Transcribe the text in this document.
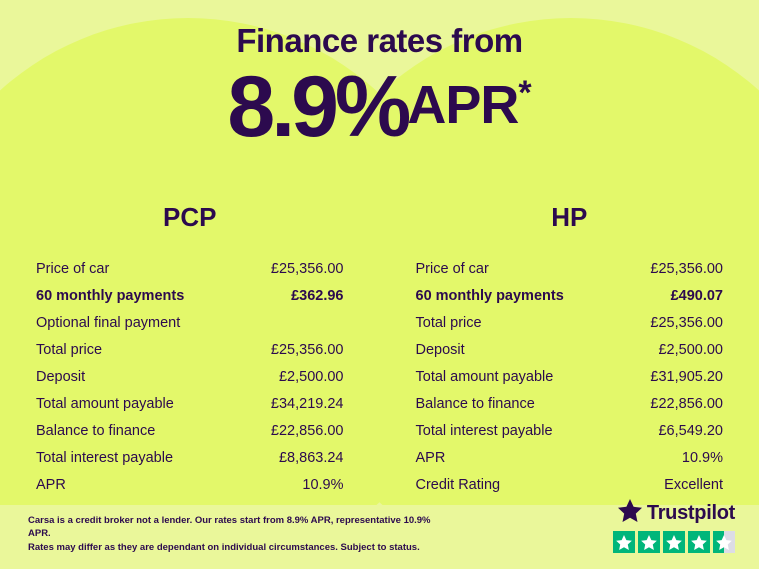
Finance rates from
8.9%APR*
PCP
Price of car	£25,356.00
60 monthly payments	£362.96
Optional final payment
Total price	£25,356.00
Deposit	£2,500.00
Total amount payable	£34,219.24
Balance to finance	£22,856.00
Total interest payable	£8,863.24
APR	10.9%
HP
Price of car	£25,356.00
60 monthly payments	£490.07
Total price	£25,356.00
Deposit	£2,500.00
Total amount payable	£31,905.20
Balance to finance	£22,856.00
Total interest payable	£6,549.20
APR	10.9%
Credit Rating	Excellent
Carsa is a credit broker not a lender. Our rates start from 8.9% APR, representative 10.9% APR.
Rates may differ as they are dependant on individual circumstances. Subject to status.
Trustpilot
